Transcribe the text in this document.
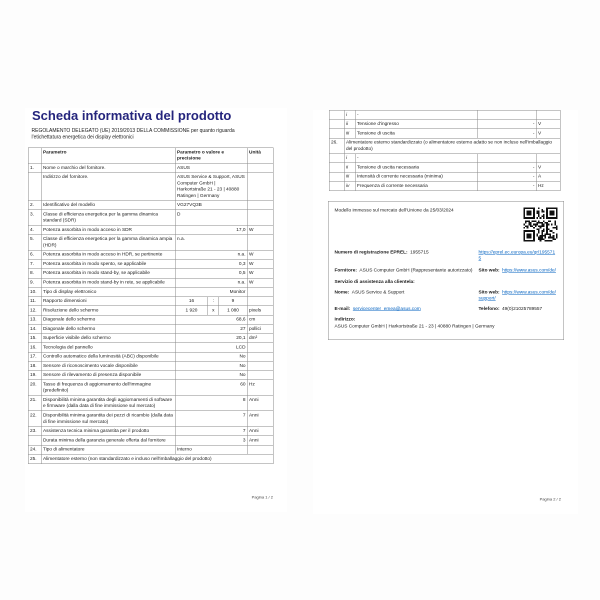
Scheda informativa del prodotto
REGOLAMENTO DELEGATO (UE) 2019/2013 DELLA COMMISSIONE per quanto riguarda l'etichettatura energetica dei display elettronici
	Parametro	Parametro o valore e precisione			Unità
1.	Nome o marchio del fornitore.	ASUS			
	Indirizzo del fornitore.	ASUS Service & Support, ASUS Computer GmbH | Harkortstraße 21 - 23 | 40880 Ratingen | Germany			
2.	Identificativo del modello	VG27VQ3B			
3.	Classe di efficienza energetica per la gamma dinamica standard (SDR)	D			
4.	Potenza assorbita in modo acceso in SDR	17,0			W
5.	Classe di efficienza energetica per la gamma dinamica ampia (HDR)	n.a.			
6.	Potenza assorbita in modo acceso in HDR, se pertinente	n.a.			W
7.	Potenza assorbita in modo spento, se applicabile	0,3			W
8.	Potenza assorbita in modo stand-by, se applicabile	0,5			W
9.	Potenza assorbita in modo stand-by in rete, se applicabile	n.a.			W
10.	Tipo di display elettronico	Monitor			
11.	Rapporto dimensioni	16	:	9	
12.	Risoluzione dello schermo	1 920	x	1 080	pixels
13.	Diagonale dello schermo	68,6			cm
14.	Diagonale dello schermo	27			pollici
15.	Superficie visibile dello schermo	20,1			dm²
16.	Tecnologia del pannello	LCD			
17.	Controllo automatico della luminosità (ABC) disponibile	No			
18.	Sensore di riconoscimento vocale disponibile	No			
19.	Sensore di rilevamento di presenza disponibile	No			
20.	Tasso di frequenza di aggiornamento dell'immagine (predefinito)	60			Hz
21.	Disponibilità minima garantita degli aggiornamenti di software e firmware (dalla data di fine immissione sul mercato)	8			Anni
22.	Disponibilità minima garantita dei pezzi di ricambio (dalla data di fine immissione sul mercato)	7			Anni
23.	Assistenza tecnica minima garantita per il prodotto	7			Anni
	Durata minima della garanzia generale offerta dal fornitore	3			Anni
24.	Tipo di alimentatore	Interno			
25.	Alimentatore esterno (non standardizzato e incluso nell'imballaggio del prodotto)				
Pagina 1 / 2
	i	-		
	ii	Tensione d'ingresso	-	V
	iii	Tensione di uscita	-	V
26.	Alimentatore esterno standardizzato (o alimentatore esterno adatto se non incluso nell'imballaggio del prodotto)			
	i	-		
	ii	Tensione di uscita necessaria	-	V
	iii	Intensità di corrente necessaria (minima)	-	A
	iv	Frequenza di corrente necessaria	-	Hz
Modello immesso sul mercato dell'Unione da 25/03/2024
Numero di registrazione EPREL: 1955715	https://eprel.ec.europa.eu/qr/1955715
Fornitore: ASUS Computer GmbH (Rappresentante autorizzato) Sito web: https://www.asus.com/de/
Servizio di assistenza alla clientela:
Nome: ASUS Service & Support	Sito web: https://www.asus.com/de/support/
E-mail: servicecenter_emea@asus.com	Telefono: 49(0)21025789557
Indirizzo:
ASUS Computer GmbH | Harkortstraße 21 - 23 | 40880 Ratingen | Germany
Pagina 2 / 2
